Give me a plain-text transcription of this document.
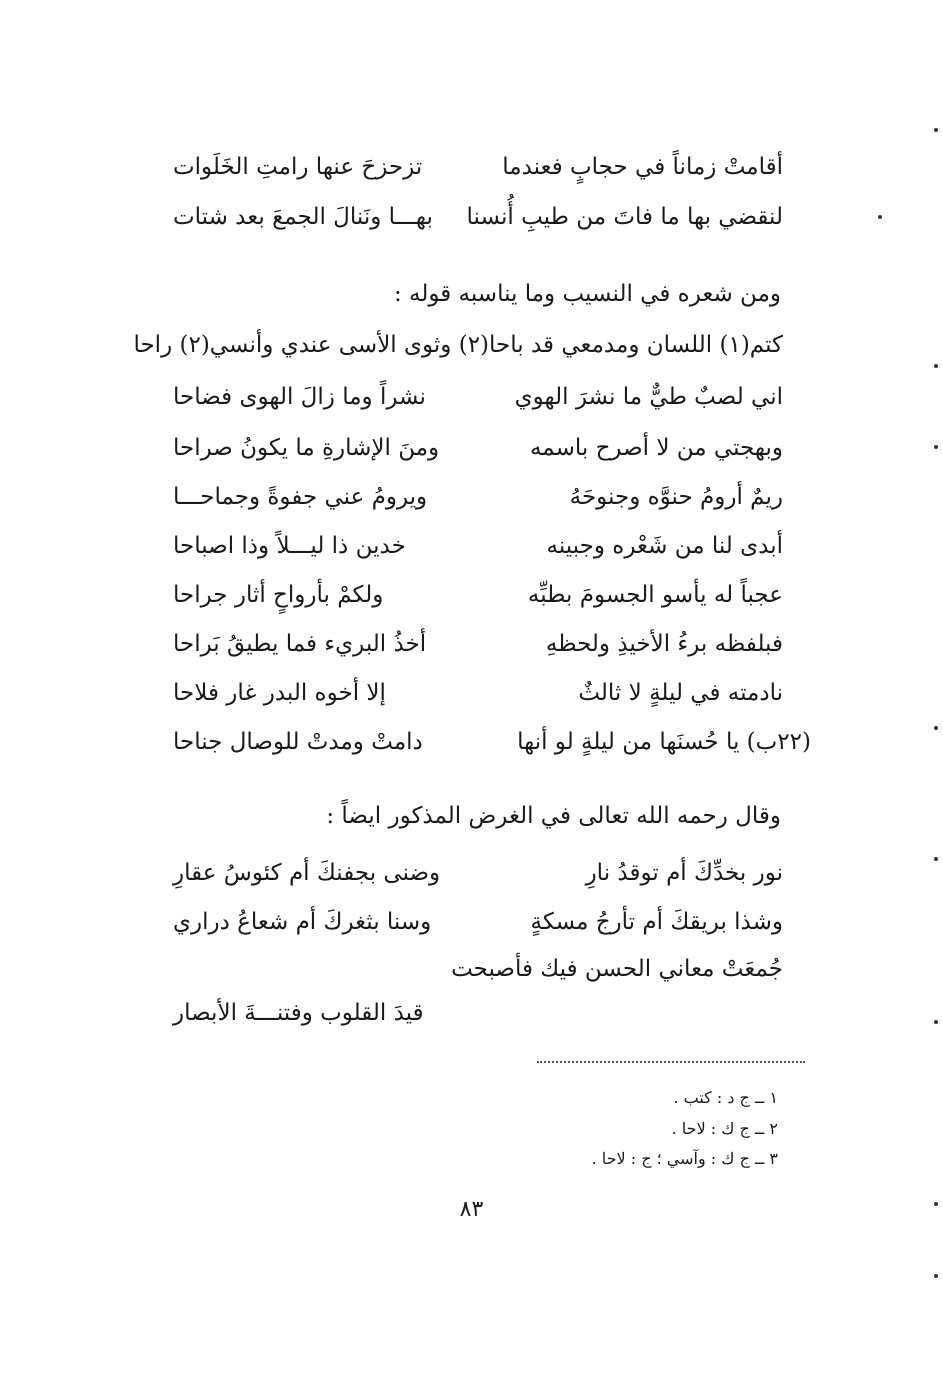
أقامتْ زماناً في حجابٍ فعندما
تزحزحَ عنها رامتِ الخَلَوات
لنقضي بها ما فاتَ من طيبِ أُنسنا
بهـــا ونَنالَ الجمعَ بعد شتات
ومن شعره في النسيب وما يناسبه قوله :
كتم(١) اللسان ومدمعي قد باحا(٢) وثوى الأسى عندي وأنسي(٢) راحا
اني لصبٌ طيٌّ ما نشرَ الهوي
نشراً وما زالَ الهوى فضاحا
وبهجتي من لا أصرح باسمه
ومنَ الإشارةِ ما يكونُ صراحا
ريمٌ أرومُ حنوَّه وجنوحَهُ
ويرومُ عني جفوةً وجماحـــا
أبدى لنا من شَعْره وجبينه
خدين ذا ليـــلاً وذا اصباحا
عجباً له يأسو الجسومَ بطبِّه
ولكمْ بأرواحٍ أثار جراحا
فبلفظه برءُ الأخيذِ ولحظهِ
أخذُ البريء فما يطيقُ بَراحا
نادمته في ليلةٍ لا ثالثٌ
إلا أخوه البدر غار فلاحا
(٢٢ب) يا حُسنَها من ليلةٍ لو أنها
دامتْ ومدتْ للوصال جناحا
وقال رحمه الله تعالى في الغرض المذكور ايضاً :
نور بخدِّكَ أم توقدُ نارِ
وضنى بجفنكَ أم كئوسُ عقارِ
وشذا بريقكَ أم تأرجُ مسكةٍ
وسنا بثغركَ أم شعاعُ دراري
جُمعَتْ معاني الحسن فيك فأصبحت
قيدَ القلوب وفتنـــةَ الأبصار
١ ــ ج د : كتب .
٢ ــ ج ك : لاحا .
٣ ــ ج ك : وآسي ؛ ج : لاحا .
٨٣
